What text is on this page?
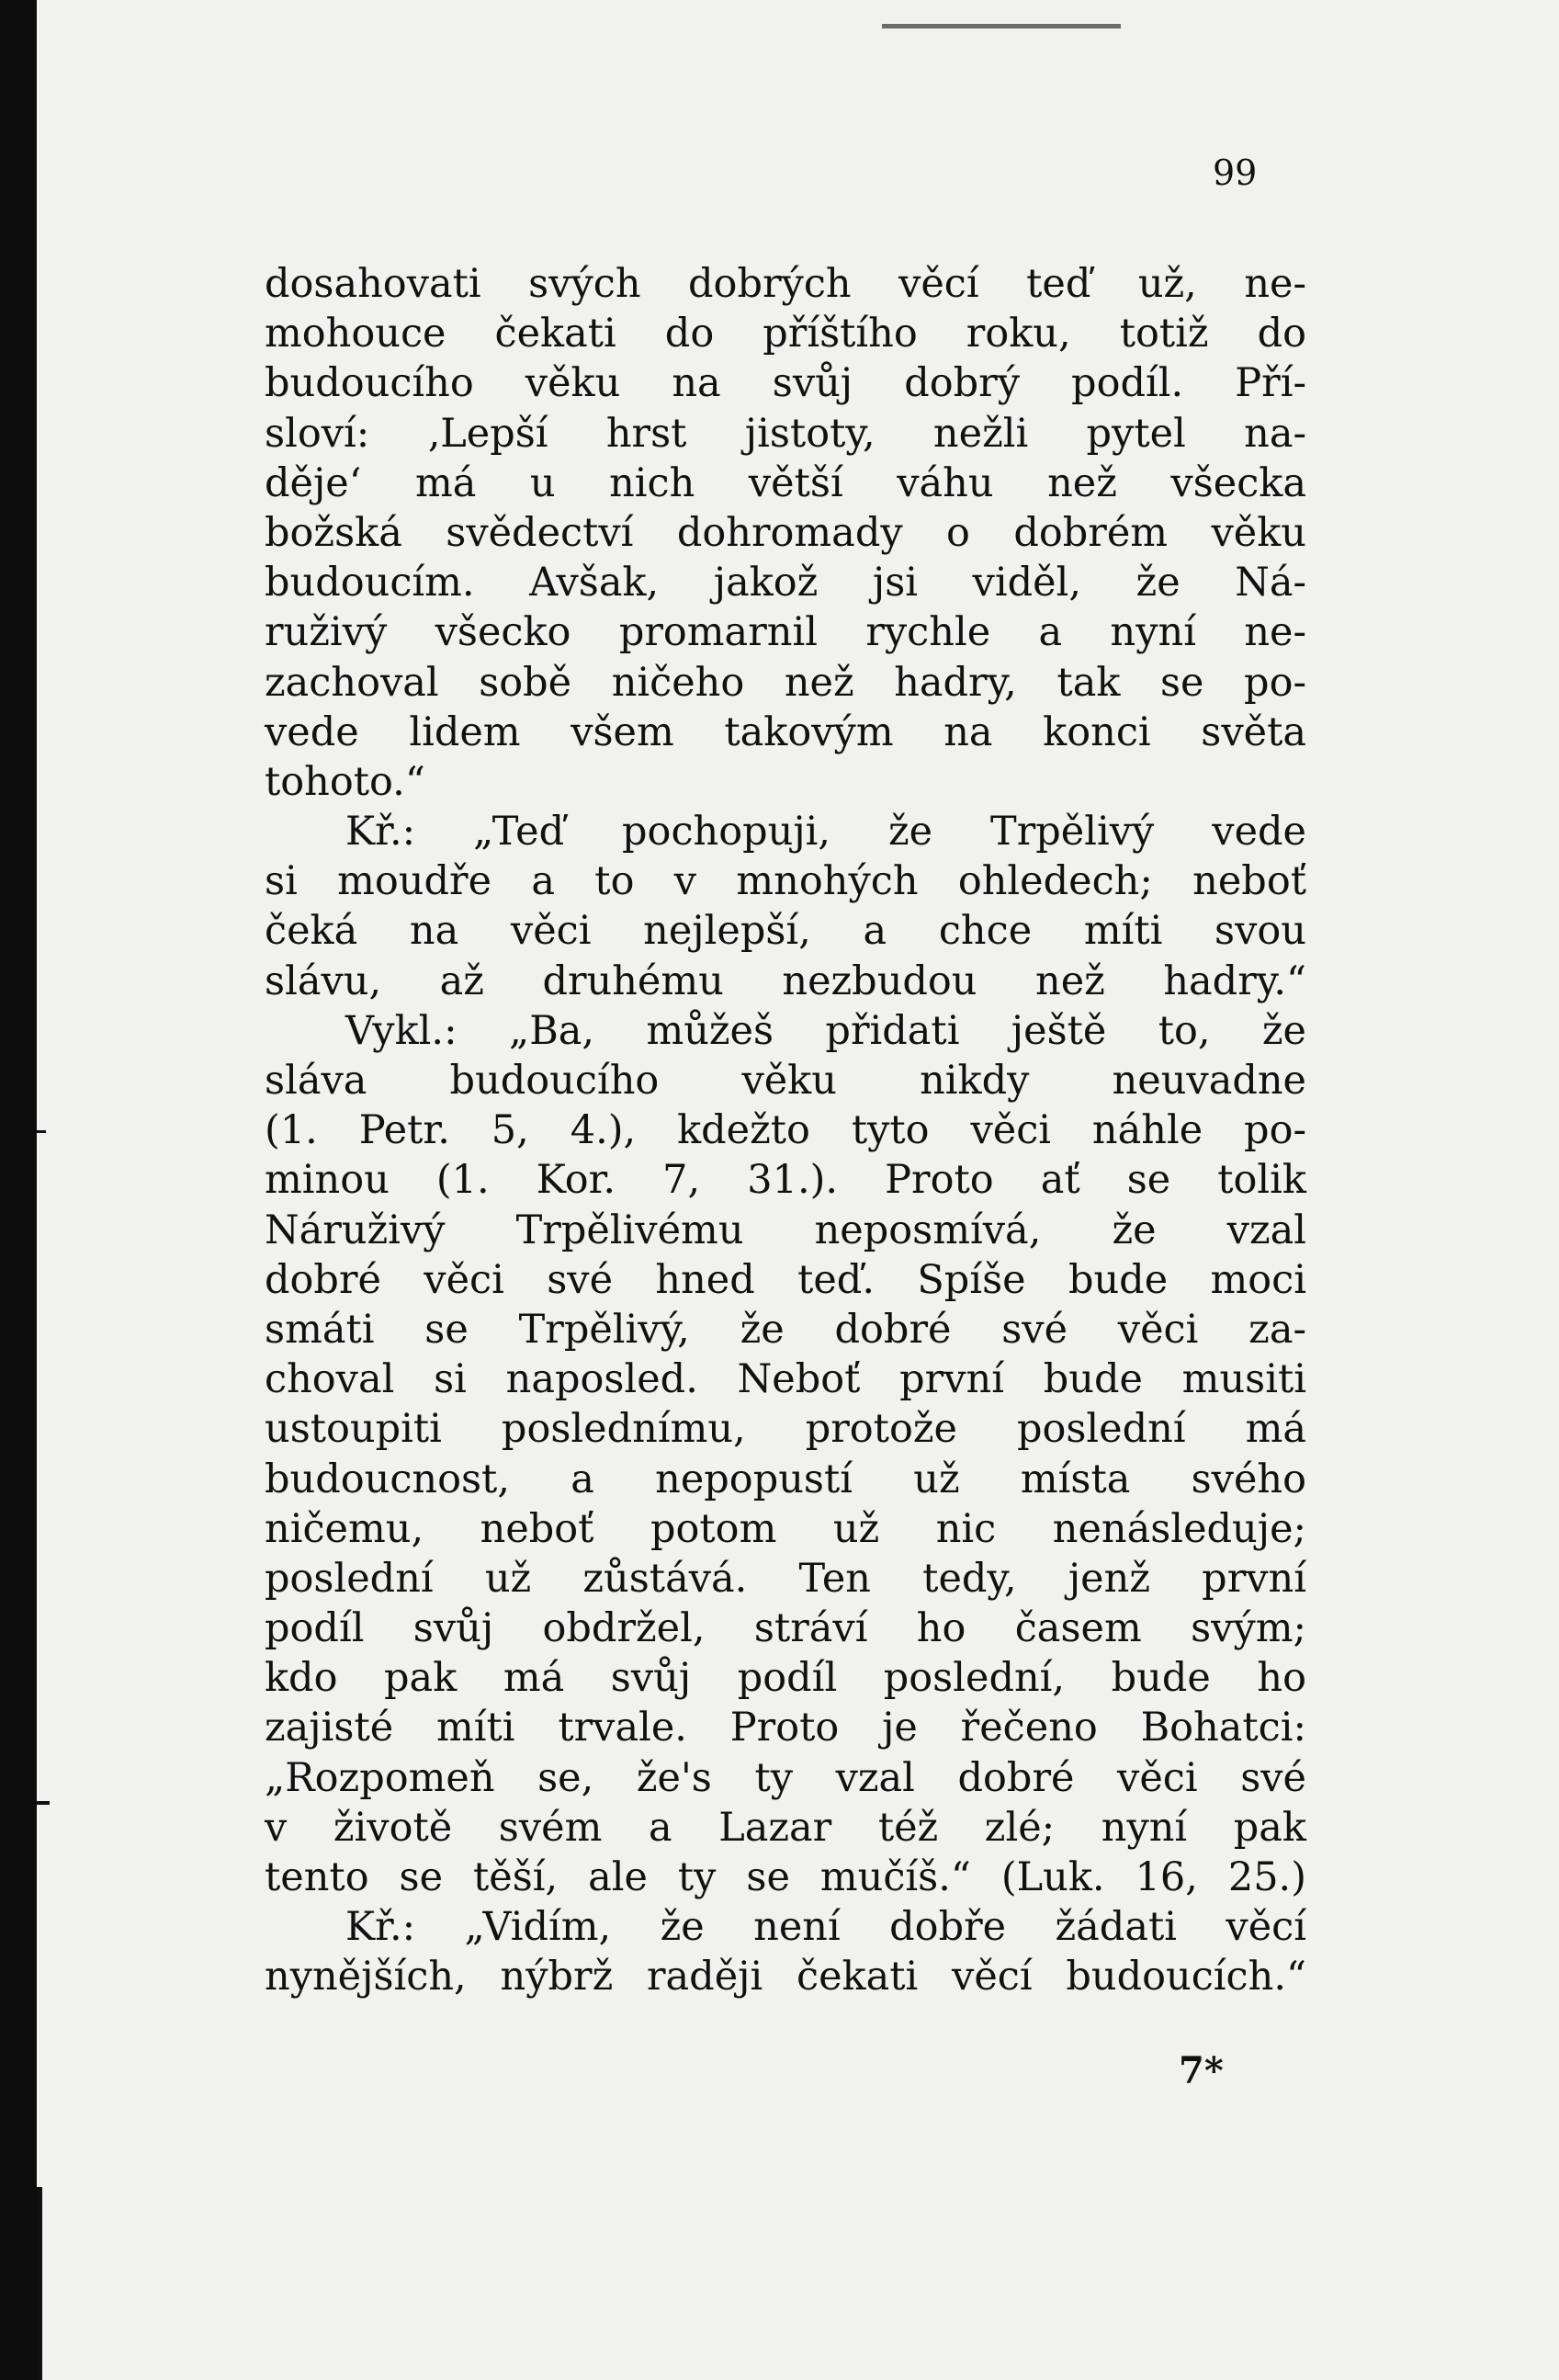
99
dosahovati svých dobrých věcí teď už, ne-
mohouce čekati do příštího roku, totiž do
budoucího věku na svůj dobrý podíl. Pří-
sloví: ‚Lepší hrst jistoty, nežli pytel na-
děje‘ má u nich větší váhu než všecka
božská svědectví dohromady o dobrém věku
budoucím. Avšak, jakož jsi viděl, že Ná-
ruživý všecko promarnil rychle a nyní ne-
zachoval sobě ničeho než hadry, tak se po-
vede lidem všem takovým na konci světa
tohoto.“
Kř.: „Teď pochopuji, že Trpělivý vede
si moudře a to v mnohých ohledech; neboť
čeká na věci nejlepší, a chce míti svou
slávu, až druhému nezbudou než hadry.“
Vykl.: „Ba, můžeš přidati ještě to, že
sláva budoucího věku nikdy neuvadne
(1. Petr. 5, 4.), kdežto tyto věci náhle po-
minou (1. Kor. 7, 31.). Proto ať se tolik
Náruživý Trpělivému neposmívá, že vzal
dobré věci své hned teď. Spíše bude moci
smáti se Trpělivý, že dobré své věci za-
choval si naposled. Neboť první bude musiti
ustoupiti poslednímu, protože poslední má
budoucnost, a nepopustí už místa svého
ničemu, neboť potom už nic nenásleduje;
poslední už zůstává. Ten tedy, jenž první
podíl svůj obdržel, stráví ho časem svým;
kdo pak má svůj podíl poslední, bude ho
zajisté míti trvale. Proto je řečeno Bohatci:
„Rozpomeň se, že's ty vzal dobré věci své
v životě svém a Lazar též zlé; nyní pak
tento se těší, ale ty se mučíš.“ (Luk. 16, 25.)
Kř.: „Vidím, že není dobře žádati věcí
nynějších, nýbrž raději čekati věcí budoucích.“
7*
